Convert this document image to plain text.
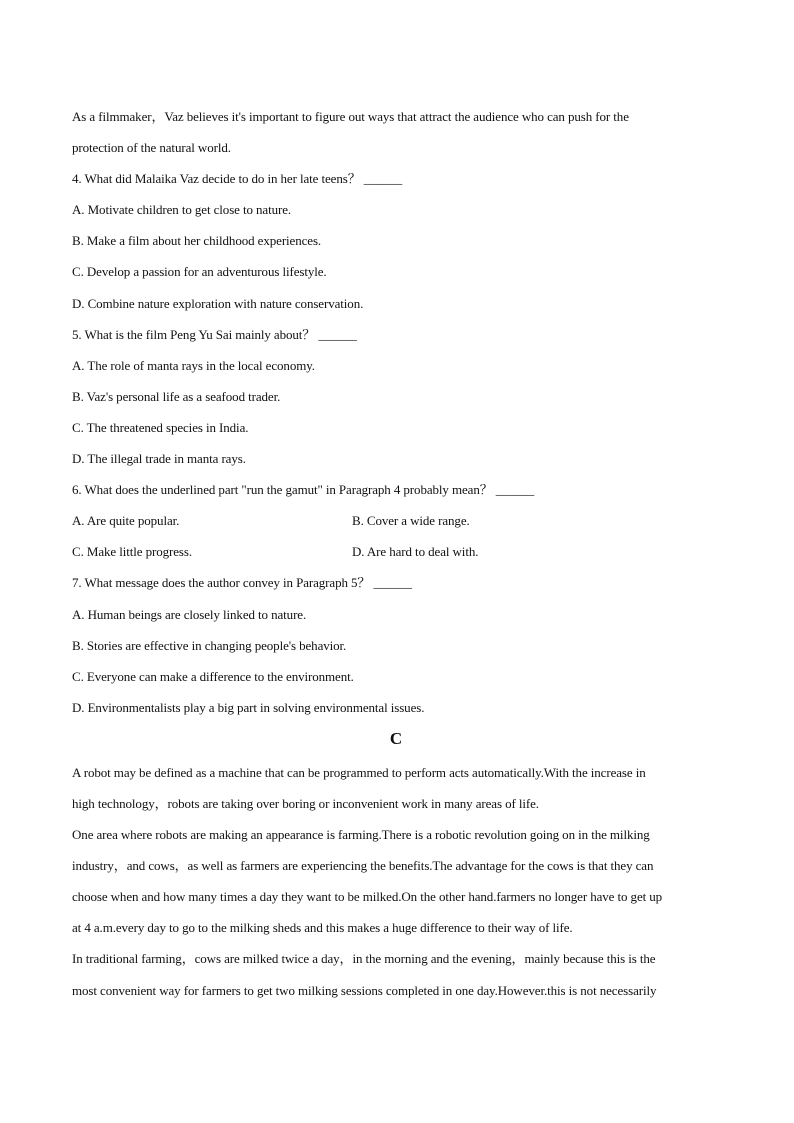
As a filmmaker，Vaz believes it's important to figure out ways that attract the audience who can push for the
protection of the natural world.
4. What did Malaika Vaz decide to do in her late teens？ ______
A. Motivate children to get close to nature.
B. Make a film about her childhood experiences.
C. Develop a passion for an adventurous lifestyle.
D. Combine nature exploration with nature conservation.
5. What is the film Peng Yu Sai mainly about？ ______
A. The role of manta rays in the local economy.
B. Vaz's personal life as a seafood trader.
C. The threatened species in India.
D. The illegal trade in manta rays.
6. What does the underlined part "run the gamut" in Paragraph 4 probably mean？ ______
A. Are quite popular.	B. Cover a wide range.
C. Make little progress.	D. Are hard to deal with.
7. What message does the author convey in Paragraph 5？ ______
A. Human beings are closely linked to nature.
B. Stories are effective in changing people's behavior.
C. Everyone can make a difference to the environment.
D. Environmentalists play a big part in solving environmental issues.
C
A robot may be defined as a machine that can be programmed to perform acts automatically.With the increase in
high technology，robots are taking over boring or inconvenient work in many areas of life.
One area where robots are making an appearance is farming.There is a robotic revolution going on in the milking
industry，and cows，as well as farmers are experiencing the benefits.The advantage for the cows is that they can
choose when and how many times a day they want to be milked.On the other hand.farmers no longer have to get up
at 4 a.m.every day to go to the milking sheds and this makes a huge difference to their way of life.
In traditional farming，cows are milked twice a day，in the morning and the evening，mainly because this is the
most convenient way for farmers to get two milking sessions completed in one day.However.this is not necessarily
